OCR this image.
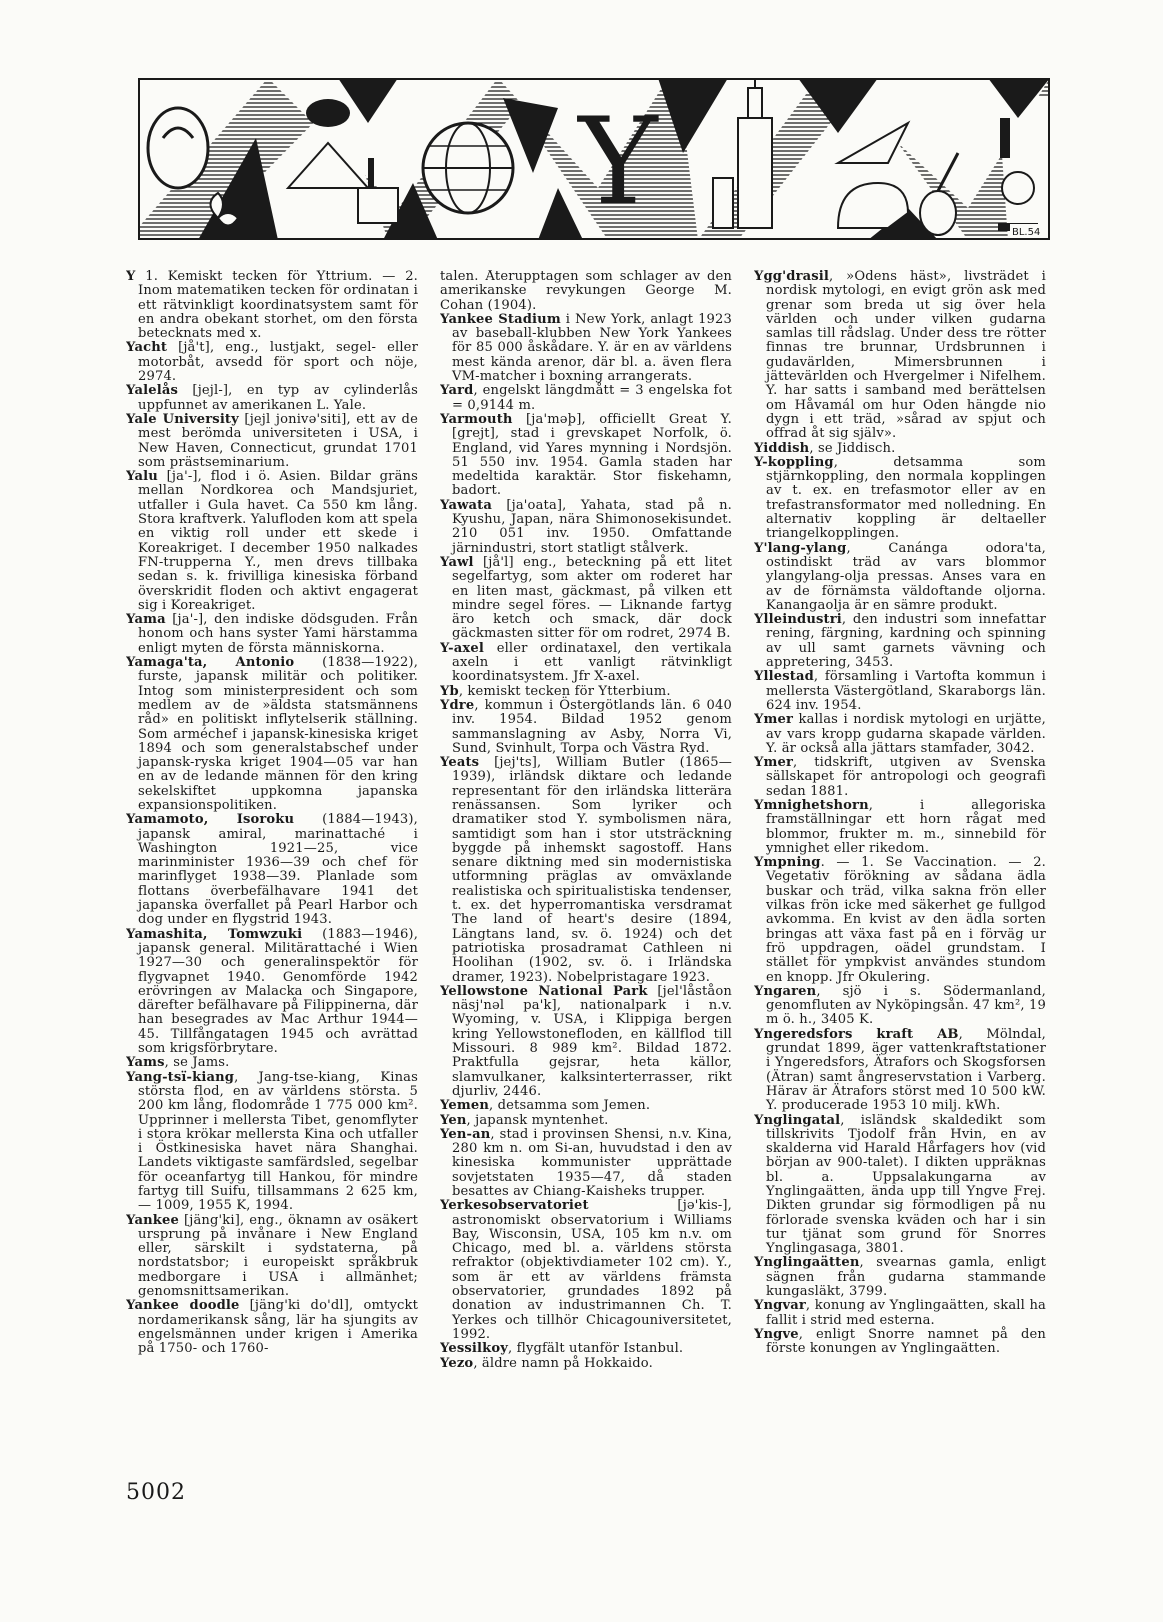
Y
BL.54

Y 1. Kemiskt tecken för Yttrium. — 2. Inom matematiken tecken för ordinatan i ett rätvinkligt koordinatsystem samt för en andra obekant storhet, om den första betecknats med x.

Yacht [jå't], eng., lustjakt, segel- eller motorbåt, avsedd för sport och nöje, 2974.

Yalelås [jejl-], en typ av cylinderlås uppfunnet av amerikanen L. Yale.

Yale University [jejl jonivə'siti], ett av de mest berömda universiteten i USA, i New Haven, Connecticut, grundat 1701 som prästseminarium.

Yalu [ja'-], flod i ö. Asien. Bildar gräns mellan Nordkorea och Mandsjuriet, utfaller i Gula havet. Ca 550 km lång. Stora kraftverk. Yalufloden kom att spela en viktig roll under ett skede i Koreakriget. I december 1950 nalkades FN-trupperna Y., men drevs tillbaka sedan s. k. frivilliga kinesiska förband överskridit floden och aktivt engagerat sig i Koreakriget.

Yama [ja'-], den indiske dödsguden. Från honom och hans syster Yami härstamma enligt myten de första människorna.

Yamaga'ta, Antonio (1838—1922), furste, japansk militär och politiker. Intog som ministerpresident och som medlem av de »äldsta statsmännens råd» en politiskt inflytelserik ställning. Som arméchef i japansk-kinesiska kriget 1894 och som generalstabschef under japansk-ryska kriget 1904—05 var han en av de ledande männen för den kring sekelskiftet uppkomna japanska expansionspolitiken.

Yamamoto, Isoroku (1884—1943), japansk amiral, marinattaché i Washington 1921—25, vice marinminister 1936—39 och chef för marinflyget 1938—39. Planlade som flottans överbefälhavare 1941 det japanska överfallet på Pearl Harbor och dog under en flygstrid 1943.

Yamashita, Tomwzuki (1883—1946), japansk general. Militärattaché i Wien 1927—30 och generalinspektör för flygvapnet 1940. Genomförde 1942 erövringen av Malacka och Singapore, därefter befälhavare på Filippinerna, där han besegrades av Mac Arthur 1944—45. Tillfångatagen 1945 och avrättad som krigsförbrytare.

Yams, se Jams.

Yang-tsï-kiang, Jang-tse-kiang, Kinas största flod, en av världens största. 5 200 km lång, flodområde 1 775 000 km². Upprinner i mellersta Tibet, genomflyter i stora krökar mellersta Kina och utfaller i Östkinesiska havet nära Shanghai. Landets viktigaste samfärdsled, segelbar för oceanfartyg till Hankou, för mindre fartyg till Suifu, tillsammans 2 625 km, — 1009, 1955 K, 1994.

Yankee [jäng'ki], eng., öknamn av osäkert ursprung på invånare i New England eller, särskilt i sydstaterna, på nordstatsbor; i europeiskt språkbruk medborgare i USA i allmänhet; genomsnittsamerikan.

Yankee doodle [jäng'ki do'dl], omtyckt nordamerikansk sång, lär ha sjungits av engelsmännen under krigen i Amerika på 1750- och 1760-

talen. Återupptagen som schlager av den amerikanske revykungen George M. Cohan (1904).

Yankee Stadium i New York, anlagt 1923 av baseball-klubben New York Yankees för 85 000 åskådare. Y. är en av världens mest kända arenor, där bl. a. även flera VM-matcher i boxning arrangerats.

Yard, engelskt längdmått = 3 engelska fot = 0,9144 m.

Yarmouth [ja'məþ], officiellt Great Y. [grejt], stad i grevskapet Norfolk, ö. England, vid Yares mynning i Nordsjön. 51 550 inv. 1954. Gamla staden har medeltida karaktär. Stor fiskehamn, badort.

Yawata [ja'oata], Yahata, stad på n. Kyushu, Japan, nära Shimonosekisundet. 210 051 inv. 1950. Omfattande järnindustri, stort statligt stålverk.

Yawl [jå'l] eng., beteckning på ett litet segelfartyg, som akter om roderet har en liten mast, gäckmast, på vilken ett mindre segel föres. — Liknande fartyg äro ketch och smack, där dock gäckmasten sitter för om rodret, 2974 B.

Y-axel eller ordinataxel, den vertikala axeln i ett vanligt rätvinkligt koordinatsystem. Jfr X-axel.

Yb, kemiskt tecken för Ytterbium.

Ydre, kommun i Östergötlands län. 6 040 inv. 1954. Bildad 1952 genom sammanslagning av Asby, Norra Vi, Sund, Svinhult, Torpa och Västra Ryd.

Yeats [jej'ts], William Butler (1865—1939), irländsk diktare och ledande representant för den irländska litterära renässansen. Som lyriker och dramatiker stod Y. symbolismen nära, samtidigt som han i stor utsträckning byggde på inhemskt sagostoff. Hans senare diktning med sin modernistiska utformning präglas av omväxlande realistiska och spiritualistiska tendenser, t. ex. det hyperromantiska versdramat The land of heart's desire (1894, Längtans land, sv. ö. 1924) och det patriotiska prosadramat Cathleen ni Hoolihan (1902, sv. ö. i Irländska dramer, 1923). Nobelpristagare 1923.

Yellowstone National Park [jel'låståon näsj'nəl pa'k], nationalpark i n.v. Wyoming, v. USA, i Klippiga bergen kring Yellowstonefloden, en källflod till Missouri. 8 989 km². Bildad 1872. Praktfulla gejsrar, heta källor, slamvulkaner, kalksinterterrasser, rikt djurliv, 2446.

Yemen, detsamma som Jemen.

Yen, japansk myntenhet.

Yen-an, stad i provinsen Shensi, n.v. Kina, 280 km n. om Si-an, huvudstad i den av kinesiska kommunister upprättade sovjetstaten 1935—47, då staden besattes av Chiang-Kaisheks trupper.

Yerkesobservatoriet [jə'kis-], astronomiskt observatorium i Williams Bay, Wisconsin, USA, 105 km n.v. om Chicago, med bl. a. världens största refraktor (objektivdiameter 102 cm). Y., som är ett av världens främsta observatorier, grundades 1892 på donation av industrimannen Ch. T. Yerkes och tillhör Chicagouniversitetet, 1992.

Yessilkoy, flygfält utanför Istanbul.

Yezo, äldre namn på Hokkaido.

Ygg'drasil, »Odens häst», livsträdet i nordisk mytologi, en evigt grön ask med grenar som breda ut sig över hela världen och under vilken gudarna samlas till rådslag. Under dess tre rötter finnas tre brunnar, Urdsbrunnen i gudavärlden, Mimersbrunnen i jättevärlden och Hvergelmer i Nifelhem. Y. har satts i samband med berättelsen om Håvamál om hur Oden hängde nio dygn i ett träd, »sårad av spjut och offrad åt sig själv».

Yiddish, se Jiddisch.

Y-koppling, detsamma som stjärnkoppling, den normala kopplingen av t. ex. en trefasmotor eller av en trefastransformator med nolledning. En alternativ koppling är deltaeller triangelkopplingen.

Y'lang-ylang, Canánga odora'ta, ostindiskt träd av vars blommor ylangylang-olja pressas. Anses vara en av de förnämsta väldoftande oljorna. Kanangaolja är en sämre produkt.

Ylleindustri, den industri som innefattar rening, färgning, kardning och spinning av ull samt garnets vävning och appretering, 3453.

Yllestad, församling i Vartofta kommun i mellersta Västergötland, Skaraborgs län. 624 inv. 1954.

Ymer kallas i nordisk mytologi en urjätte, av vars kropp gudarna skapade världen. Y. är också alla jättars stamfader, 3042.

Ymer, tidskrift, utgiven av Svenska sällskapet för antropologi och geografi sedan 1881.

Ymnighetshorn, i allegoriska framställningar ett horn rågat med blommor, frukter m. m., sinnebild för ymnighet eller rikedom.

Ympning. — 1. Se Vaccination. — 2. Vegetativ förökning av sådana ädla buskar och träd, vilka sakna frön eller vilkas frön icke med säkerhet ge fullgod avkomma. En kvist av den ädla sorten bringas att växa fast på en i förväg ur frö uppdragen, oädel grundstam. I stället för ympkvist användes stundom en knopp. Jfr Okulering.

Yngaren, sjö i s. Södermanland, genomfluten av Nyköpingsån. 47 km², 19 m ö. h., 3405 K.

Yngeredsfors kraft AB, Mölndal, grundat 1899, äger vattenkraftstationer i Yngeredsfors, Ätrafors och Skogsforsen (Ätran) samt ångreservstation i Varberg. Härav är Ätrafors störst med 10 500 kW. Y. producerade 1953 10 milj. kWh.

Ynglingatal, isländsk skaldedikt som tillskrivits Tjodolf från Hvin, en av skalderna vid Harald Hårfagers hov (vid början av 900-talet). I dikten uppräknas bl. a. Uppsalakungarna av Ynglingaätten, ända upp till Yngve Frej. Dikten grundar sig förmodligen på nu förlorade svenska kväden och har i sin tur tjänat som grund för Snorres Ynglingasaga, 3801.

Ynglingaätten, svearnas gamla, enligt sägnen från gudarna stammande kungasläkt, 3799.

Yngvar, konung av Ynglingaätten, skall ha fallit i strid med esterna.

Yngve, enligt Snorre namnet på den förste konungen av Ynglingaätten.

5002
